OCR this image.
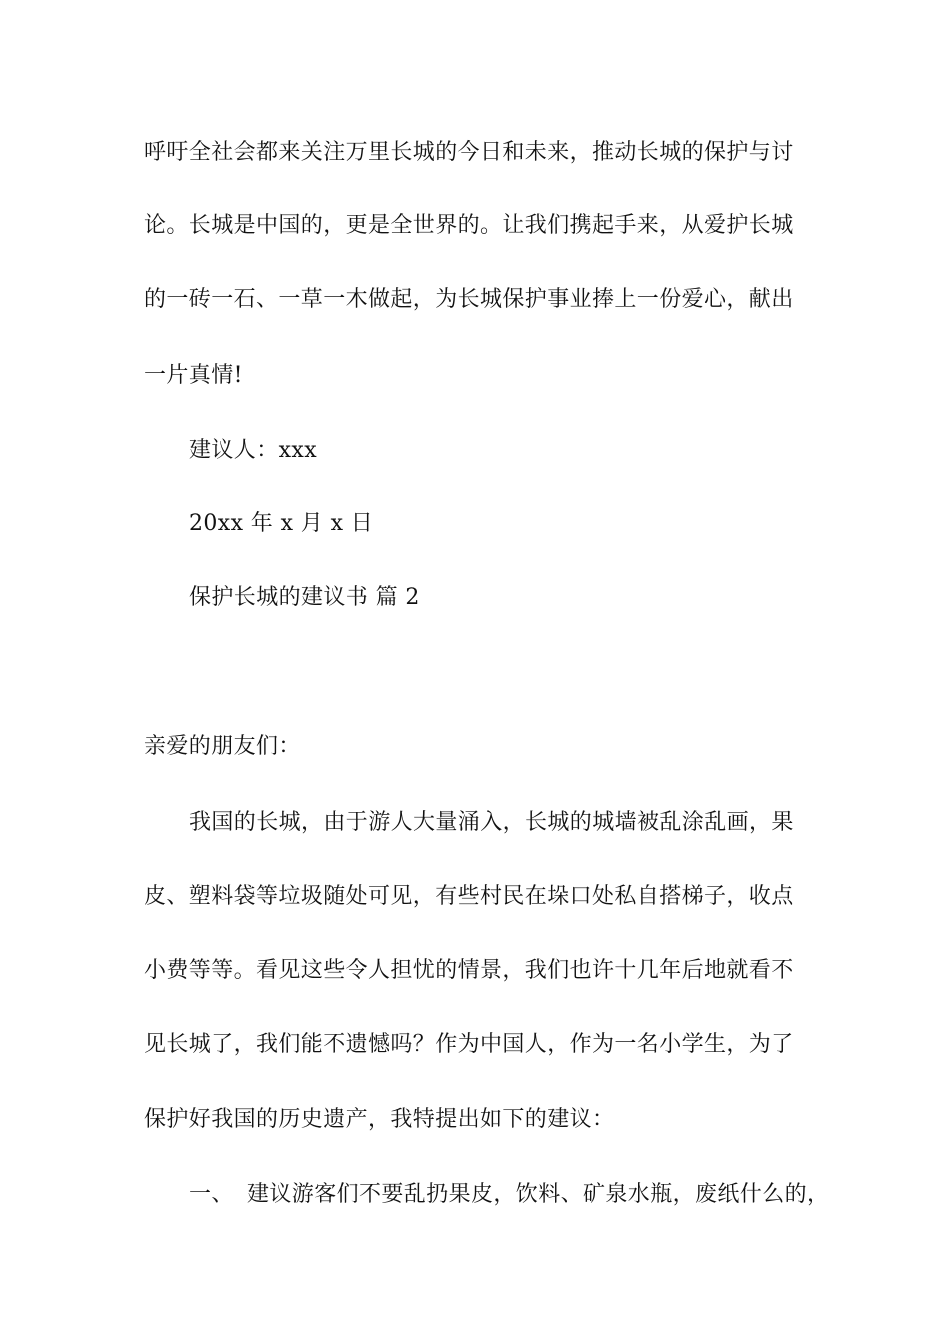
呼吁全社会都来关注万里长城的今日和未来，推动长城的保护与讨
论。长城是中国的，更是全世界的。让我们携起手来，从爱护长城
的一砖一石、一草一木做起，为长城保护事业捧上一份爱心，献出
一片真情!
建议人：xxx
20xx 年 x 月 x 日
保护长城的建议书 篇 2
亲爱的朋友们：
我国的长城，由于游人大量涌入，长城的城墙被乱涂乱画，果
皮、塑料袋等垃圾随处可见，有些村民在垛口处私自搭梯子，收点
小费等等。看见这些令人担忧的情景，我们也许十几年后地就看不
见长城了，我们能不遗憾吗？作为中国人，作为一名小学生，为了
保护好我国的历史遗产，我特提出如下的建议：
一、 建议游客们不要乱扔果皮，饮料、矿泉水瓶，废纸什么的，
